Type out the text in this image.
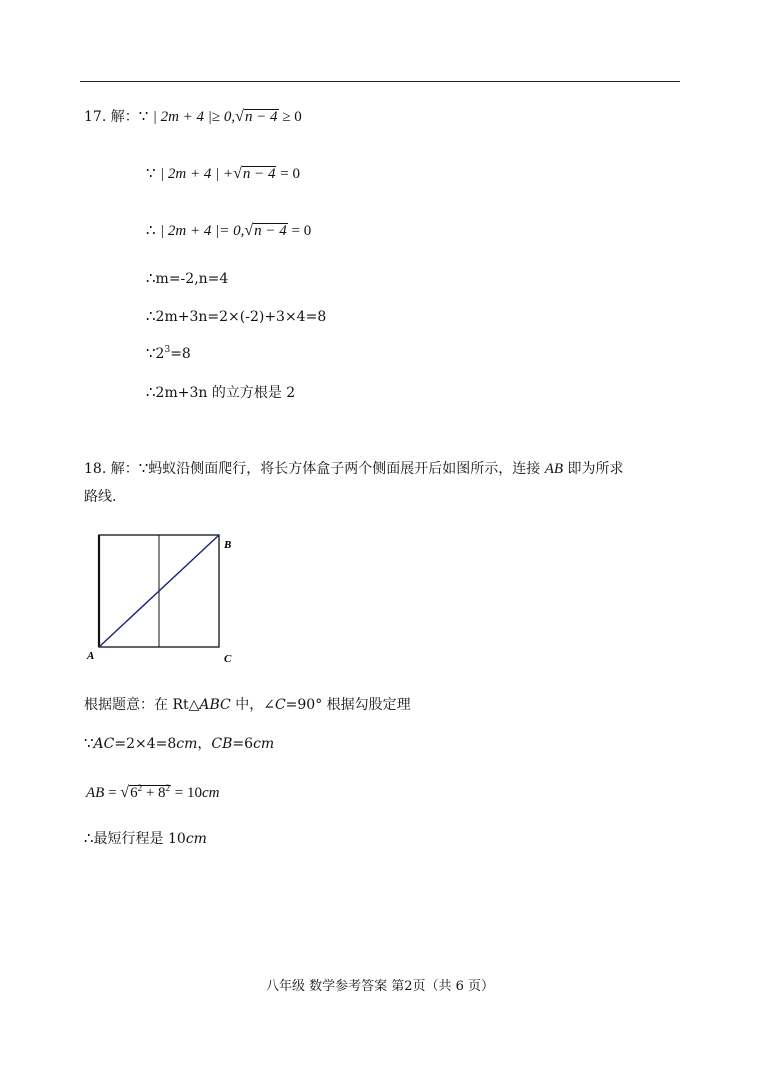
17. 解：∵ | 2m + 4 |≥ 0,√n − 4 ≥ 0
∵ | 2m + 4 | +√n − 4 = 0
∴ | 2m + 4 |= 0,√n − 4 = 0
∴m=-2,n=4
∴2m+3n=2×(-2)+3×4=8
$\because 2^3=8$
∴2m+3n 的立方根是 2
18. 解：∵蚂蚁沿侧面爬行，将长方体盒子两个侧面展开后如图所示，连接 AB 即为所求
路线.
A
B
C
根据题意：在 Rt△ABC 中，∠C=90° 根据勾股定理
∵AC=2×4=8cm，CB=6cm
AB = $√6^2 + 8^2 = 10cm$
∴最短行程是 10cm
八年级 数学参考答案 第2页（共 6 页）
